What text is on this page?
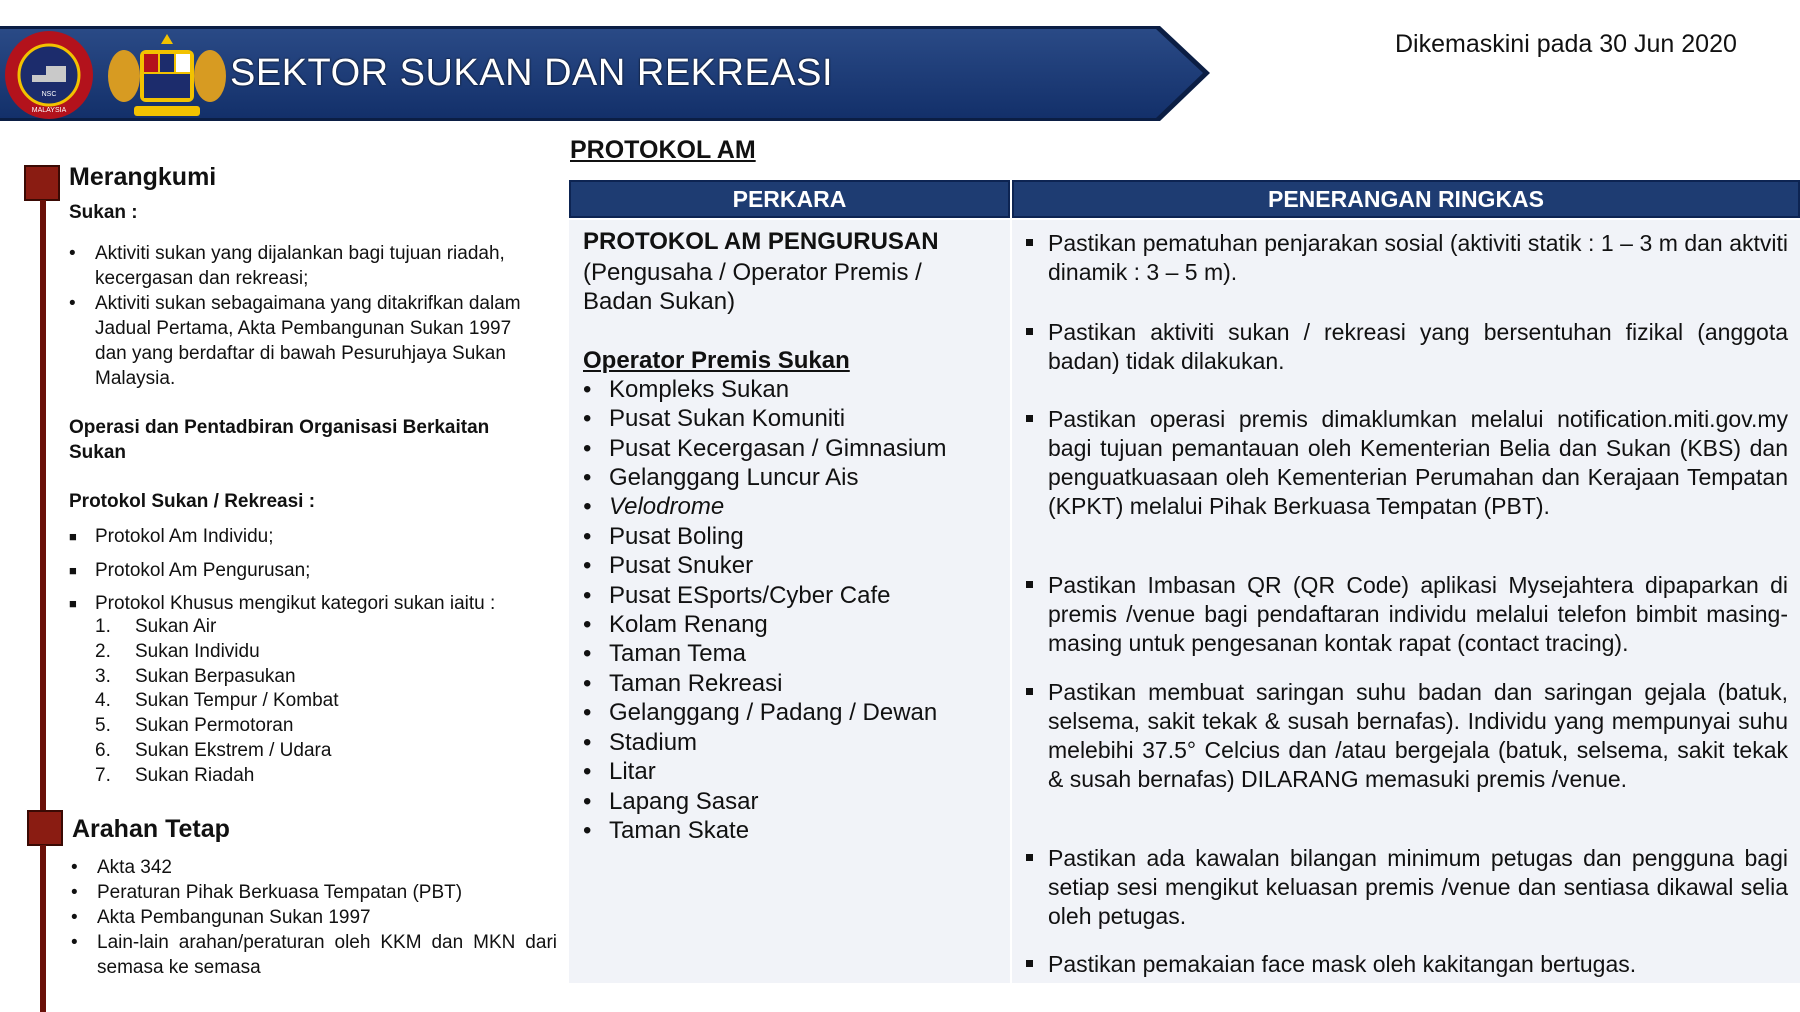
MALAYSIA
NSC
SEKTOR SUKAN DAN REKREASI
Dikemaskini pada 30 Jun 2020
Merangkumi
Sukan :
• Aktiviti sukan yang dijalankan bagi tujuan riadah, kecergasan dan rekreasi;
• Aktiviti sukan sebagaimana yang ditakrifkan dalam Jadual Pertama, Akta Pembangunan Sukan 1997 dan yang berdaftar di bawah Pesuruhjaya Sukan Malaysia.
Operasi dan Pentadbiran Organisasi Berkaitan Sukan
Protokol Sukan / Rekreasi :
■ Protokol Am Individu;
■ Protokol Am Pengurusan;
■ Protokol Khusus mengikut kategori sukan iaitu :
1. Sukan Air
2. Sukan Individu
3. Sukan Berpasukan
4. Sukan Tempur / Kombat
5. Sukan Permotoran
6. Sukan Ekstrem / Udara
7. Sukan Riadah
Arahan Tetap
• Akta 342
• Peraturan Pihak Berkuasa Tempatan (PBT)
• Akta Pembangunan Sukan 1997
• Lain-lain arahan/peraturan oleh KKM dan MKN dari semasa ke semasa
PROTOKOL AM
PERKARA	PENERANGAN RINGKAS
PROTOKOL AM PENGURUSAN
(Pengusaha / Operator Premis / Badan Sukan)
Operator Premis Sukan
• Kompleks Sukan
• Pusat Sukan Komuniti
• Pusat Kecergasan / Gimnasium
• Gelanggang Luncur Ais
• Velodrome
• Pusat Boling
• Pusat Snuker
• Pusat ESports/Cyber Cafe
• Kolam Renang
• Taman Tema
• Taman Rekreasi
• Gelanggang / Padang / Dewan
• Stadium
• Litar
• Lapang Sasar
• Taman Skate
Pastikan pematuhan penjarakan sosial (aktiviti statik : 1 – 3 m dan aktviti dinamik : 3 – 5 m).
Pastikan aktiviti sukan / rekreasi yang bersentuhan fizikal (anggota badan) tidak dilakukan.
Pastikan operasi premis dimaklumkan melalui notification.miti.gov.my bagi tujuan pemantauan oleh Kementerian Belia dan Sukan (KBS) dan penguatkuasaan oleh Kementerian Perumahan dan Kerajaan Tempatan (KPKT) melalui Pihak Berkuasa Tempatan (PBT).
Pastikan Imbasan QR (QR Code) aplikasi Mysejahtera dipaparkan di premis /venue bagi pendaftaran individu melalui telefon bimbit masing-masing untuk pengesanan kontak rapat (contact tracing).
Pastikan membuat saringan suhu badan dan saringan gejala (batuk, selsema, sakit tekak & susah bernafas). Individu yang mempunyai suhu melebihi 37.5° Celcius dan /atau bergejala (batuk, selsema, sakit tekak & susah bernafas) DILARANG memasuki premis /venue.
Pastikan ada kawalan bilangan minimum petugas dan pengguna bagi setiap sesi mengikut keluasan premis /venue dan sentiasa dikawal selia oleh petugas.
Pastikan pemakaian face mask oleh kakitangan bertugas.
